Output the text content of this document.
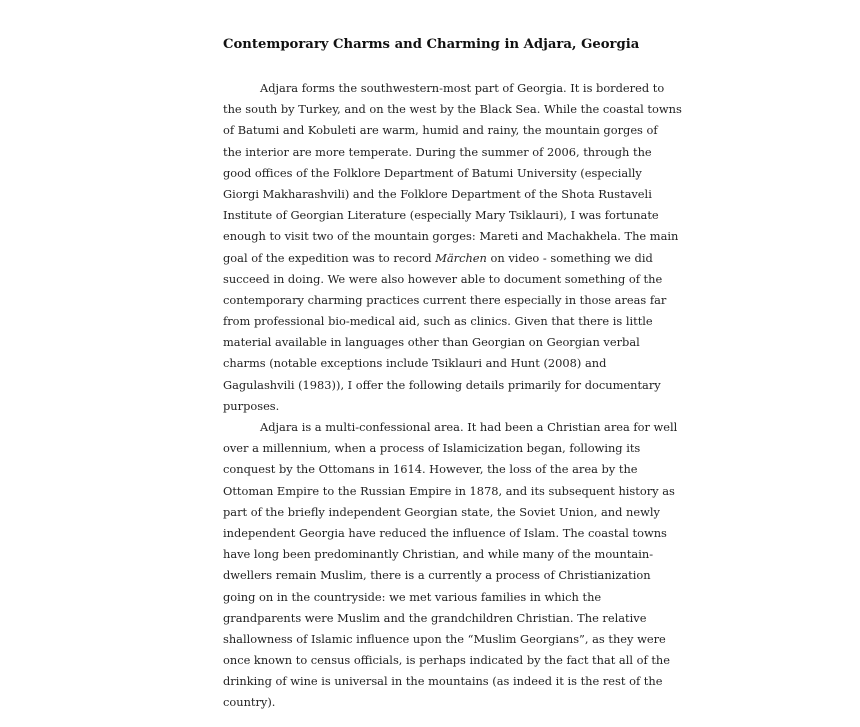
Contemporary Charms and Charming in Adjara, Georgia
Adjara forms the southwestern-most part of Georgia. It is bordered to
the south by Turkey, and on the west by the Black Sea. While the coastal towns
of Batumi and Kobuleti are warm, humid and rainy, the mountain gorges of
the interior are more temperate. During the summer of 2006, through the
good offices of the Folklore Department of Batumi University (especially
Giorgi Makharashvili) and the Folklore Department of the Shota Rustaveli
Institute of Georgian Literature (especially Mary Tsiklauri), I was fortunate
enough to visit two of the mountain gorges: Mareti and Machakhela. The main
goal of the expedition was to record Märchen on video - something we did
succeed in doing. We were also however able to document something of the
contemporary charming practices current there especially in those areas far
from professional bio-medical aid, such as clinics. Given that there is little
material available in languages other than Georgian on Georgian verbal
charms (notable exceptions include Tsiklauri and Hunt (2008) and
Gagulashvili (1983)), I offer the following details primarily for documentary
purposes.
Adjara is a multi-confessional area. It had been a Christian area for well
over a millennium, when a process of Islamicization began, following its
conquest by the Ottomans in 1614. However, the loss of the area by the
Ottoman Empire to the Russian Empire in 1878, and its subsequent history as
part of the briefly independent Georgian state, the Soviet Union, and newly
independent Georgia have reduced the influence of Islam. The coastal towns
have long been predominantly Christian, and while many of the mountain-
dwellers remain Muslim, there is a currently a process of Christianization
going on in the countryside: we met various families in which the
grandparents were Muslim and the grandchildren Christian. The relative
shallowness of Islamic influence upon the “Muslim Georgians”, as they were
once known to census officials, is perhaps indicated by the fact that all of the
drinking of wine is universal in the mountains (as indeed it is the rest of the
country).
